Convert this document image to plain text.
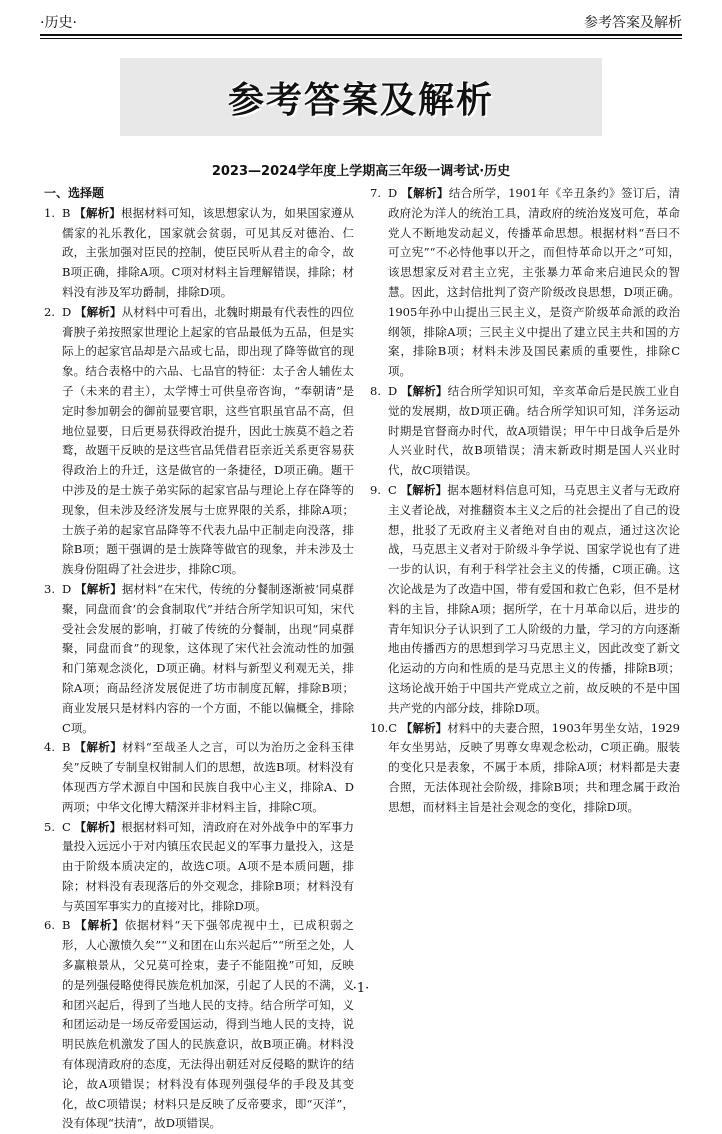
·历史·	参考答案及解析
参考答案及解析
2023—2024学年度上学期高三年级一调考试·历史
一、选择题
1. B 【解析】根据材料可知，该思想家认为，如果国家遵从儒家的礼乐教化，国家就会贫弱，可见其反对德治、仁政，主张加强对臣民的控制，使臣民听从君主的命令，故B项正确，排除A项。C项对材料主旨理解错误，排除；材料没有涉及军功爵制，排除D项。
2. D 【解析】从材料中可看出，北魏时期最有代表性的四位膏腴子弟按照家世理论上起家的官品最低为五品，但是实际上的起家官品却是六品或七品，即出现了降等做官的现象。结合表格中的六品、七品官的特征：太子舍人辅佐太子（未来的君主），太学博士可供皇帝咨询，“奉朝请”是定时参加朝会的御前显要官职，这些官职虽官品不高，但地位显要，日后更易获得政治提升，因此士族莫不趋之若鹜，故题干反映的是这些官品凭借君臣亲近关系更容易获得政治上的升迁，这是做官的一条捷径，D项正确。题干中涉及的是士族子弟实际的起家官品与理论上存在降等的现象，但未涉及经济发展与士庶界限的关系，排除A项；士族子弟的起家官品降等不代表九品中正制走向没落，排除B项；题干强调的是士族降等做官的现象，并未涉及士族身份阻碍了社会进步，排除C项。
3. D 【解析】据材料“在宋代，传统的分餐制逐渐被‘同桌群聚，同盘而食’的会食制取代”并结合所学知识可知，宋代受社会发展的影响，打破了传统的分餐制，出现“同桌群聚，同盘而食”的现象，这体现了宋代社会流动性的加强和门第观念淡化，D项正确。材料与新型义利观无关，排除A项；商品经济发展促进了坊市制度瓦解，排除B项；商业发展只是材料内容的一个方面，不能以偏概全，排除C项。
4. B 【解析】材料“至哉圣人之言，可以为治历之金科玉律矣”反映了专制皇权钳制人们的思想，故选B项。材料没有体现西方学术源自中国和民族自我中心主义，排除A、D两项；中华文化博大精深并非材料主旨，排除C项。
5. C 【解析】根据材料可知，清政府在对外战争中的军事力量投入远远小于对内镇压农民起义的军事力量投入，这是由于阶级本质决定的，故选C项。A项不是本质问题，排除；材料没有表现落后的外交观念，排除B项；材料没有与英国军事实力的直接对比，排除D项。
6. B 【解析】依据材料“天下强邻虎视中土，已成积弱之形，人心激愤久矣”“义和团在山东兴起后”“所至之处，人多赢粮景从，父兄莫可拴束，妻子不能阻挽”可知，反映的是列强侵略使得民族危机加深，引起了人民的不满，义和团兴起后，得到了当地人民的支持。结合所学可知，义和团运动是一场反帝爱国运动，得到当地人民的支持，说明民族危机激发了国人的民族意识，故B项正确。材料没有体现清政府的态度，无法得出朝廷对反侵略的默许的结论，故A项错误；材料没有体现列强侵华的手段及其变化，故C项错误；材料只是反映了反帝要求，即“灭洋”，没有体现“扶清”，故D项错误。
7. D 【解析】结合所学，1901年《辛丑条约》签订后，清政府沦为洋人的统治工具，清政府的统治岌岌可危，革命党人不断地发动起义，传播革命思想。根据材料“吾曰不可立宪”“不必恃他事以开之，而但恃革命以开之”可知，该思想家反对君主立宪，主张暴力革命来启迪民众的智慧。因此，这封信批判了资产阶级改良思想，D项正确。1905年孙中山提出三民主义，是资产阶级革命派的政治纲领，排除A项；三民主义中提出了建立民主共和国的方案，排除B项；材料未涉及国民素质的重要性，排除C项。
8. D 【解析】结合所学知识可知，辛亥革命后是民族工业自觉的发展期，故D项正确。结合所学知识可知，洋务运动时期是官督商办时代，故A项错误；甲午中日战争后是外人兴业时代，故B项错误；清末新政时期是国人兴业时代，故C项错误。
9. C 【解析】据本题材料信息可知，马克思主义者与无政府主义者论战，对推翻资本主义之后的社会提出了自己的设想，批驳了无政府主义者绝对自由的观点，通过这次论战，马克思主义者对于阶级斗争学说、国家学说也有了进一步的认识，有利于科学社会主义的传播，C项正确。这次论战是为了改造中国，带有爱国和救亡色彩，但不是材料的主旨，排除A项；据所学，在十月革命以后，进步的青年知识分子认识到了工人阶级的力量，学习的方向逐渐地由传播西方的思想到学习马克思主义，因此改变了新文化运动的方向和性质的是马克思主义的传播，排除B项；这场论战开始于中国共产党成立之前，故反映的不是中国共产党的内部分歧，排除D项。
10. C 【解析】材料中的夫妻合照，1903年男坐女站，1929年女坐男站，反映了男尊女卑观念松动，C项正确。服装的变化只是表象，不属于本质，排除A项；材料都是夫妻合照，无法体现社会阶级，排除B项；共和理念属于政治思想，而材料主旨是社会观念的变化，排除D项。
·1·
